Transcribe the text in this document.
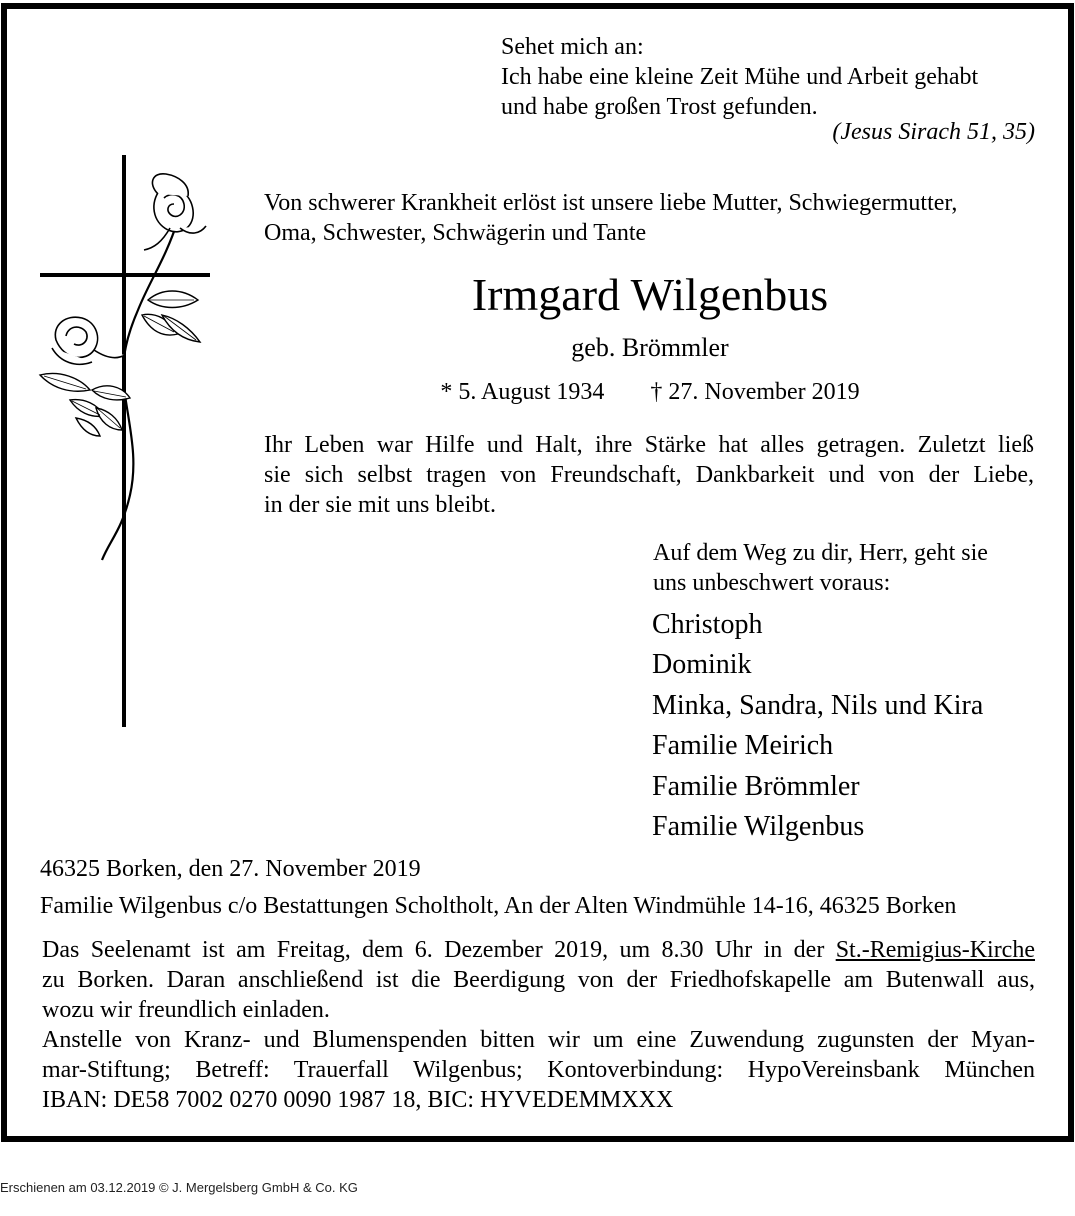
Sehet mich an:
Ich habe eine kleine Zeit Mühe und Arbeit gehabt
und habe großen Trost gefunden.
(Jesus Sirach 51, 35)
Von schwerer Krankheit erlöst ist unsere liebe Mutter, Schwiegermutter,
Oma, Schwester, Schwägerin und Tante
Irmgard Wilgenbus
geb. Brömmler
* 5. August 1934 † 27. November 2019
Ihr Leben war Hilfe und Halt, ihre Stärke hat alles getragen. Zuletzt ließ
sie sich selbst tragen von Freundschaft, Dankbarkeit und von der Liebe,
in der sie mit uns bleibt.
Auf dem Weg zu dir, Herr, geht sie
uns unbeschwert voraus:
Christoph
Dominik
Minka, Sandra, Nils und Kira
Familie Meirich
Familie Brömmler
Familie Wilgenbus
46325 Borken, den 27. November 2019
Familie Wilgenbus c/o Bestattungen Scholtholt, An der Alten Windmühle 14-16, 46325 Borken
Das Seelenamt ist am Freitag, dem 6. Dezember 2019, um 8.30 Uhr in der St.-Remigius-Kirche
zu Borken. Daran anschließend ist die Beerdigung von der Friedhofskapelle am Butenwall aus,
wozu wir freundlich einladen.
Anstelle von Kranz- und Blumenspenden bitten wir um eine Zuwendung zugunsten der Myan-
mar-Stiftung; Betreff: Trauerfall Wilgenbus; Kontoverbindung: HypoVereinsbank München
IBAN: DE58 7002 0270 0090 1987 18, BIC: HYVEDEMMXXX
Erschienen am 03.12.2019 © J. Mergelsberg GmbH & Co. KG
